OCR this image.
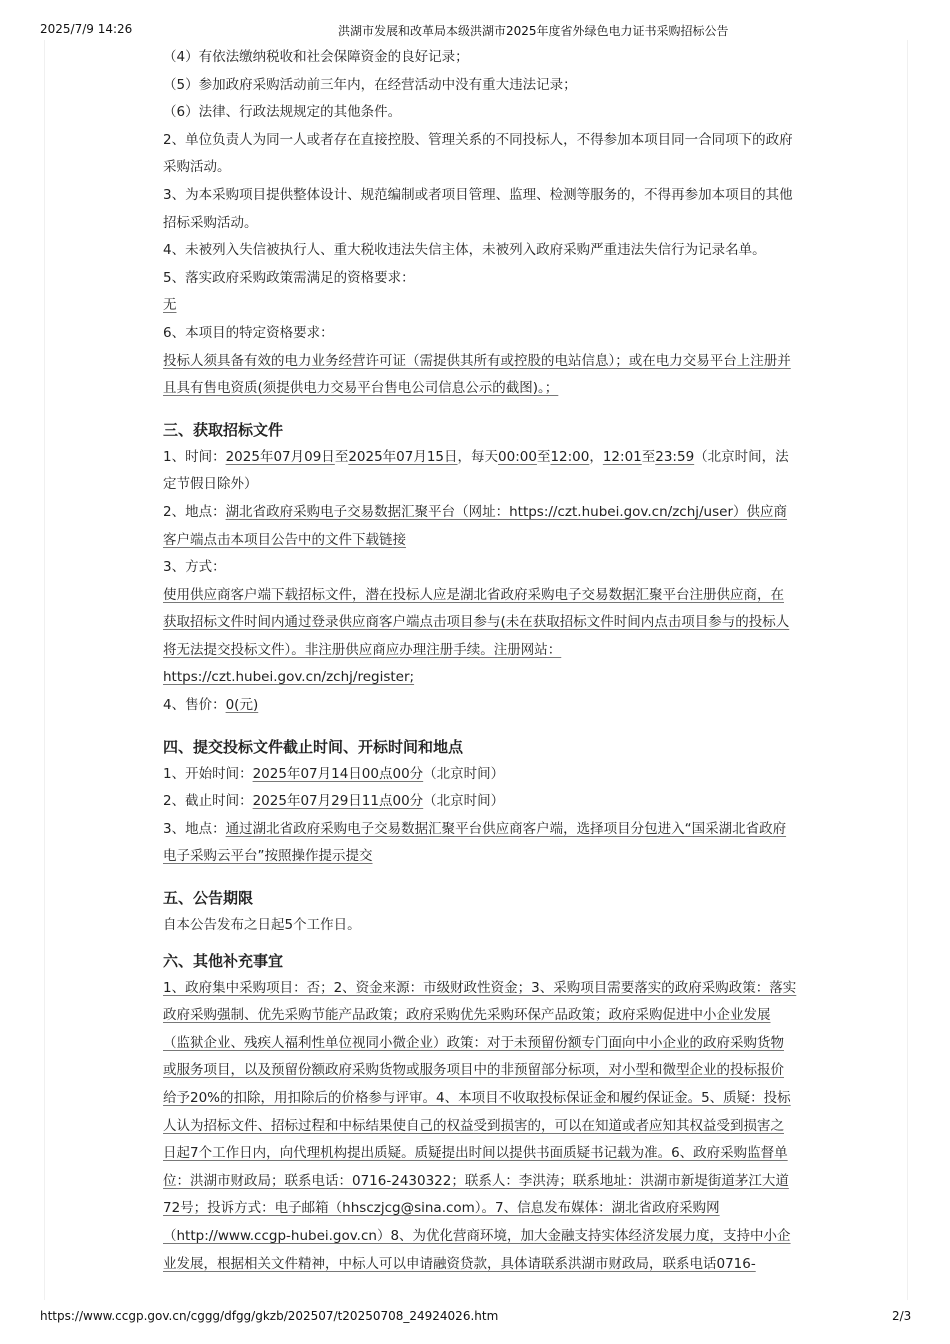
2025/7/9 14:26	洪湖市发展和改革局本级洪湖市2025年度省外绿色电力证书采购招标公告

（4）有依法缴纳税收和社会保障资金的良好记录；

（5）参加政府采购活动前三年内，在经营活动中没有重大违法记录；

（6）法律、行政法规规定的其他条件。

2、单位负责人为同一人或者存在直接控股、管理关系的不同投标人，不得参加本项目同一合同项下的政府采购活动。

3、为本采购项目提供整体设计、规范编制或者项目管理、监理、检测等服务的，不得再参加本项目的其他招标采购活动。

4、未被列入失信被执行人、重大税收违法失信主体，未被列入政府采购严重违法失信行为记录名单。

5、落实政府采购政策需满足的资格要求：

无

6、本项目的特定资格要求：

投标人须具备有效的电力业务经营许可证（需提供其所有或控股的电站信息）；或在电力交易平台上注册并且具有售电资质(须提供电力交易平台售电公司信息公示的截图)。；

三、获取招标文件

1、时间：2025年07月09日至2025年07月15日，每天00:00至12:00，12:01至23:59（北京时间，法定节假日除外）

2、地点：湖北省政府采购电子交易数据汇聚平台（网址：https://czt.hubei.gov.cn/zchj/user）供应商客户端点击本项目公告中的文件下载链接

3、方式：

使用供应商客户端下载招标文件，潜在投标人应是湖北省政府采购电子交易数据汇聚平台注册供应商，在获取招标文件时间内通过登录供应商客户端点击项目参与(未在获取招标文件时间内点击项目参与的投标人将无法提交投标文件）。非注册供应商应办理注册手续。注册网站：https://czt.hubei.gov.cn/zchj/register;

4、售价：0(元)

四、提交投标文件截止时间、开标时间和地点

1、开始时间：2025年07月14日00点00分（北京时间）

2、截止时间：2025年07月29日11点00分（北京时间）

3、地点：通过湖北省政府采购电子交易数据汇聚平台供应商客户端，选择项目分包进入“国采湖北省政府电子采购云平台”按照操作提示提交

五、公告期限

自本公告发布之日起5个工作日。

六、其他补充事宜

1、政府集中采购项目：否；2、资金来源：市级财政性资金；3、采购项目需要落实的政府采购政策：落实政府采购强制、优先采购节能产品政策；政府采购优先采购环保产品政策；政府采购促进中小企业发展（监狱企业、残疾人福利性单位视同小微企业）政策：对于未预留份额专门面向中小企业的政府采购货物或服务项目，以及预留份额政府采购货物或服务项目中的非预留部分标项，对小型和微型企业的投标报价给予20%的扣除，用扣除后的价格参与评审。4、本项目不收取投标保证金和履约保证金。5、质疑：投标人认为招标文件、招标过程和中标结果使自己的权益受到损害的，可以在知道或者应知其权益受到损害之日起7个工作日内，向代理机构提出质疑。质疑提出时间以提供书面质疑书记载为准。6、政府采购监督单位：洪湖市财政局；联系电话：0716-2430322；联系人：李洪涛；联系地址：洪湖市新堤街道茅江大道72号；投诉方式：电子邮箱（hhsczjcg@sina.com）。7、信息发布媒体：湖北省政府采购网（http://www.ccgp-hubei.gov.cn）8、为优化营商环境，加大金融支持实体经济发展力度，支持中小企业发展，根据相关文件精神，中标人可以申请融资贷款，具体请联系洪湖市财政局，联系电话0716-

https://www.ccgp.gov.cn/cggg/dfgg/gkzb/202507/t20250708_24924026.htm	2/3
